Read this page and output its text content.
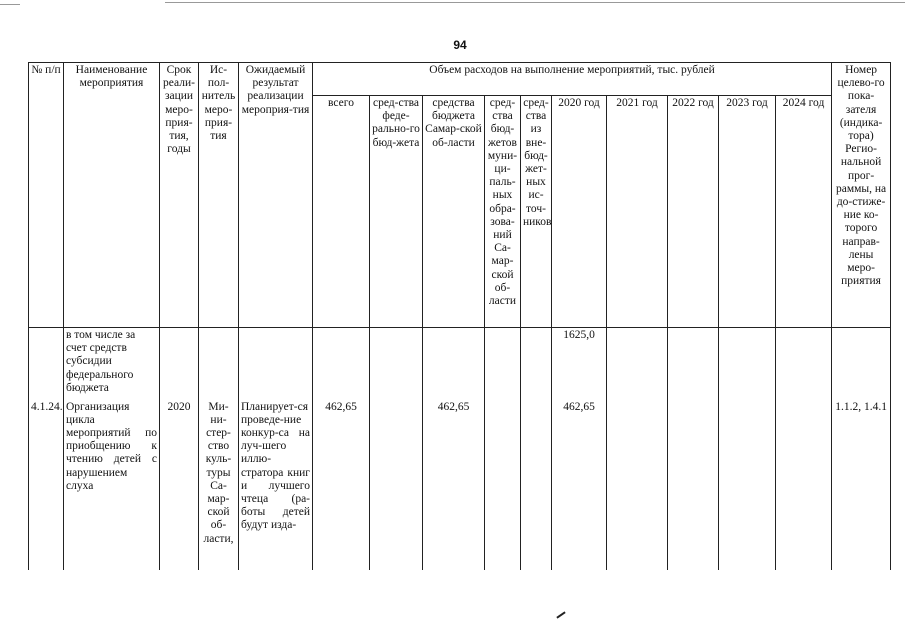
94
№ п/п	Наименование мероприятия	Срок реали-зации меро-прия-тия, годы	Ис-пол-нитель меро-прия-тия	Ожидаемый результат реализации мероприя-тия	Объем расходов на выполнение мероприятий, тыс. рублей										Номер целево-го пока-зателя (индика-тора) Регио-нальной прог-раммы, на до-стиже-ние ко-торого направ-лены меро-приятия
					всего	сред-ства феде-рально-го бюд-жета	средства бюджета Самар-ской об-ласти	сред-ства бюд-жетов муни-ци-паль-ных обра-зова-ний Са-мар-ской об-ласти	сред-ства из вне-бюд-жет-ных ис-точ-ников	2020 год	2021 год	2022 год	2023 год	2024 год	
	в том числе за счет средств субсидии федерального бюджета									1625,0					
4.1.24.	Организация цикла мероприятий по приобщению к чтению детей с нарушением слуха	2020	Ми-ни-стер-ство куль-туры Са-мар-ской об-ласти,	Планирует-ся проведе-ние конкур-са на луч-шего иллю-стратора книг и лучшего чтеца (ра-боты детей будут изда-	462,65		462,65			462,65					1.1.2, 1.4.1
